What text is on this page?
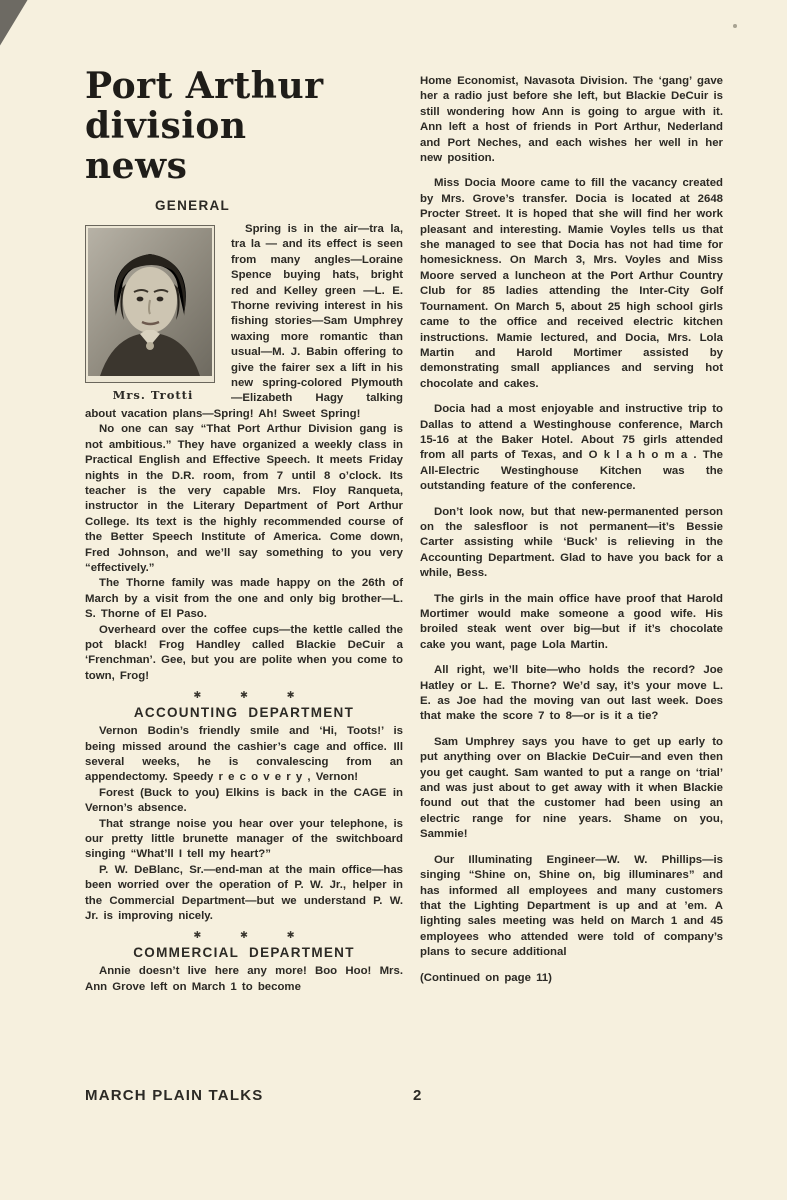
Port Arthur
division
news
GENERAL
Mrs. Trotti

Spring is in the air—tra la, tra la — and its effect is seen from many angles—Loraine Spence buying hats, bright red and Kelley green —L. E. Thorne reviving interest in his fishing stories—Sam Umphrey waxing more romantic than usual—M. J. Babin offering to give the fairer sex a lift in his new spring-colored Plymouth—Elizabeth Hagy talking about vacation plans—Spring! Ah! Sweet Spring!

No one can say “That Port Arthur Division gang is not ambitious.” They have organized a weekly class in Practical English and Effective Speech. It meets Friday nights in the D.R. room, from 7 until 8 o’clock. Its teacher is the very capable Mrs. Floy Ranqueta, instructor in the Literary Department of Port Arthur College. Its text is the highly recommended course of the Better Speech Institute of America. Come down, Fred Johnson, and we’ll say something to you very “effectively.”

The Thorne family was made happy on the 26th of March by a visit from the one and only big brother—L. S. Thorne of El Paso.

Overheard over the coffee cups—the kettle called the pot black! Frog Handley called Blackie DeCuir a ‘Frenchman’. Gee, but you are polite when you come to town, Frog!

✱ ✱ ✱
ACCOUNTING DEPARTMENT

Vernon Bodin’s friendly smile and ‘Hi, Toots!’ is being missed around the cashier’s cage and office. Ill several weeks, he is convalescing from an appendectomy. Speedy r e c o v e r y , Vernon!

Forest (Buck to you) Elkins is back in the CAGE in Vernon’s absence.

That strange noise you hear over your telephone, is our pretty little brunette manager of the switchboard singing “What’ll I tell my heart?”

P. W. DeBlanc, Sr.—end-man at the main office—has been worried over the operation of P. W. Jr., helper in the Commercial Department—but we understand P. W. Jr. is improving nicely.

✱ ✱ ✱
COMMERCIAL DEPARTMENT

Annie doesn’t live here any more! Boo Hoo! Mrs. Ann Grove left on March 1 to become

Home Economist, Navasota Division. The ‘gang’ gave her a radio just before she left, but Blackie DeCuir is still wondering how Ann is going to argue with it. Ann left a host of friends in Port Arthur, Nederland and Port Neches, and each wishes her well in her new position.

Miss Docia Moore came to fill the vacancy created by Mrs. Grove’s transfer. Docia is located at 2648 Procter Street. It is hoped that she will find her work pleasant and interesting. Mamie Voyles tells us that she managed to see that Docia has not had time for homesickness. On March 3, Mrs. Voyles and Miss Moore served a luncheon at the Port Arthur Country Club for 85 ladies attending the Inter-City Golf Tournament. On March 5, about 25 high school girls came to the office and received electric kitchen instructions. Mamie lectured, and Docia, Mrs. Lola Martin and Harold Mortimer assisted by demonstrating small appliances and serving hot chocolate and cakes.

Docia had a most enjoyable and instructive trip to Dallas to attend a Westinghouse conference, March 15-16 at the Baker Hotel. About 75 girls attended from all parts of Texas, and O k l a h o m a . The All-Electric Westinghouse Kitchen was the outstanding feature of the conference.

Don’t look now, but that new-permanented person on the salesfloor is not permanent—it’s Bessie Carter assisting while ‘Buck’ is relieving in the Accounting Department. Glad to have you back for a while, Bess.

The girls in the main office have proof that Harold Mortimer would make someone a good wife. His broiled steak went over big—but if it’s chocolate cake you want, page Lola Martin.

All right, we’ll bite—who holds the record? Joe Hatley or L. E. Thorne? We’d say, it’s your move L. E. as Joe had the moving van out last week. Does that make the score 7 to 8—or is it a tie?

Sam Umphrey says you have to get up early to put anything over on Blackie DeCuir—and even then you get caught. Sam wanted to put a range on ‘trial’ and was just about to get away with it when Blackie found out that the customer had been using an electric range for nine years. Shame on you, Sammie!

Our Illuminating Engineer—W. W. Phillips—is singing “Shine on, Shine on, big illuminares” and has informed all employees and many customers that the Lighting Department is up and at ’em. A lighting sales meeting was held on March 1 and 45 employees who attended were told of company’s plans to secure additional

(Continued on page 11)

MARCH PLAIN TALKS	2
